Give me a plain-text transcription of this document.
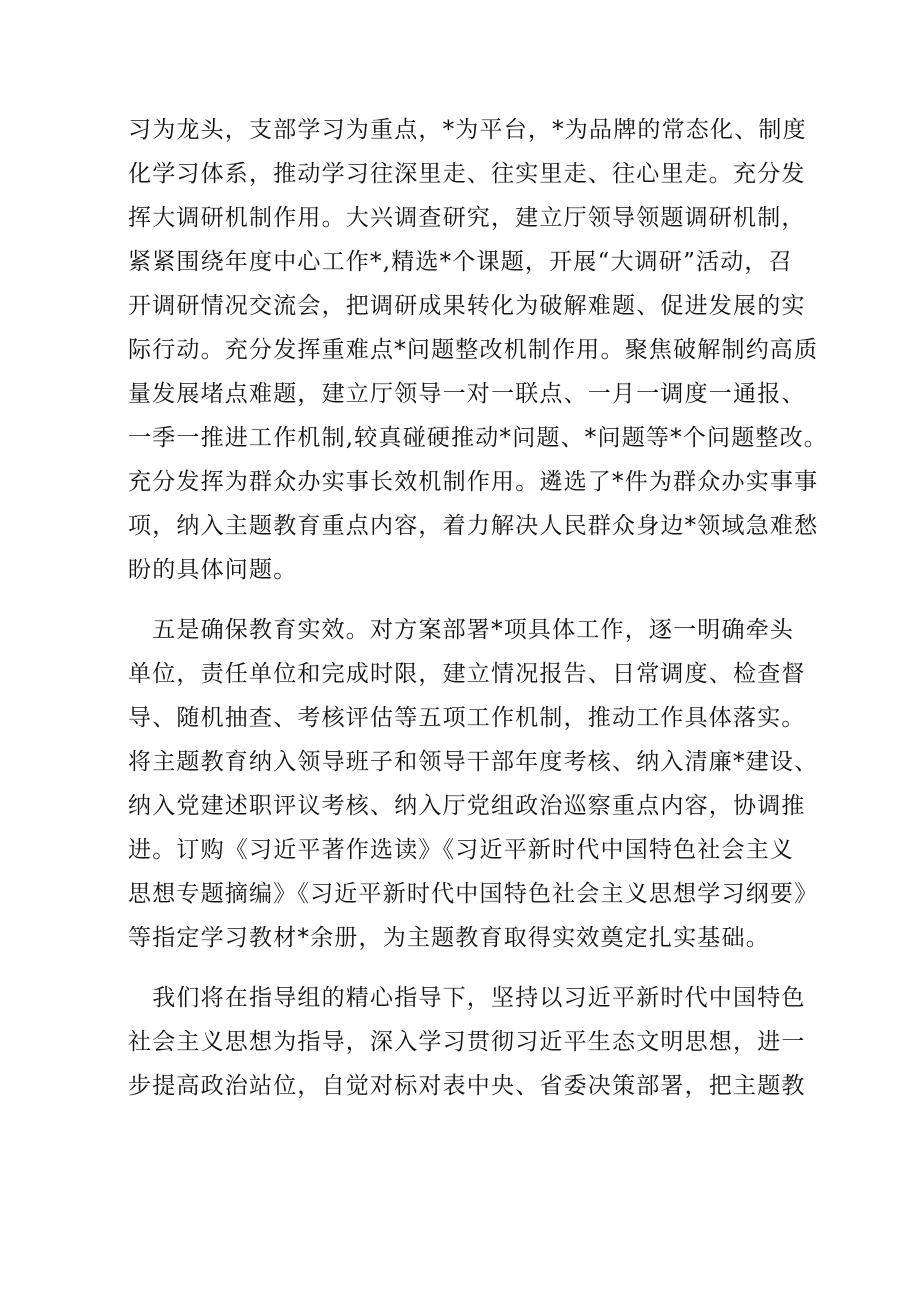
习为龙头，支部学习为重点，*为平台，*为品牌的常态化、制度
化学习体系，推动学习往深里走、往实里走、往心里走。充分发
挥大调研机制作用。大兴调查研究，建立厅领导领题调研机制，
紧紧围绕年度中心工作*,精选*个课题，开展“大调研”活动，召
开调研情况交流会，把调研成果转化为破解难题、促进发展的实
际行动。充分发挥重难点*问题整改机制作用。聚焦破解制约高质
量发展堵点难题，建立厅领导一对一联点、一月一调度一通报、
一季一推进工作机制,较真碰硬推动*问题、*问题等*个问题整改。
充分发挥为群众办实事长效机制作用。遴选了*件为群众办实事事
项，纳入主题教育重点内容，着力解决人民群众身边*领域急难愁
盼的具体问题。
　五是确保教育实效。对方案部署*项具体工作，逐一明确牵头
单位，责任单位和完成时限，建立情况报告、日常调度、检查督
导、随机抽查、考核评估等五项工作机制，推动工作具体落实。
将主题教育纳入领导班子和领导干部年度考核、纳入清廉*建设、
纳入党建述职评议考核、纳入厅党组政治巡察重点内容，协调推
进。订购《习近平著作选读》《习近平新时代中国特色社会主义
思想专题摘编》《习近平新时代中国特色社会主义思想学习纲要》
等指定学习教材*余册，为主题教育取得实效奠定扎实基础。
　我们将在指导组的精心指导下，坚持以习近平新时代中国特色
社会主义思想为指导，深入学习贯彻习近平生态文明思想，进一
步提高政治站位，自觉对标对表中央、省委决策部署，把主题教
